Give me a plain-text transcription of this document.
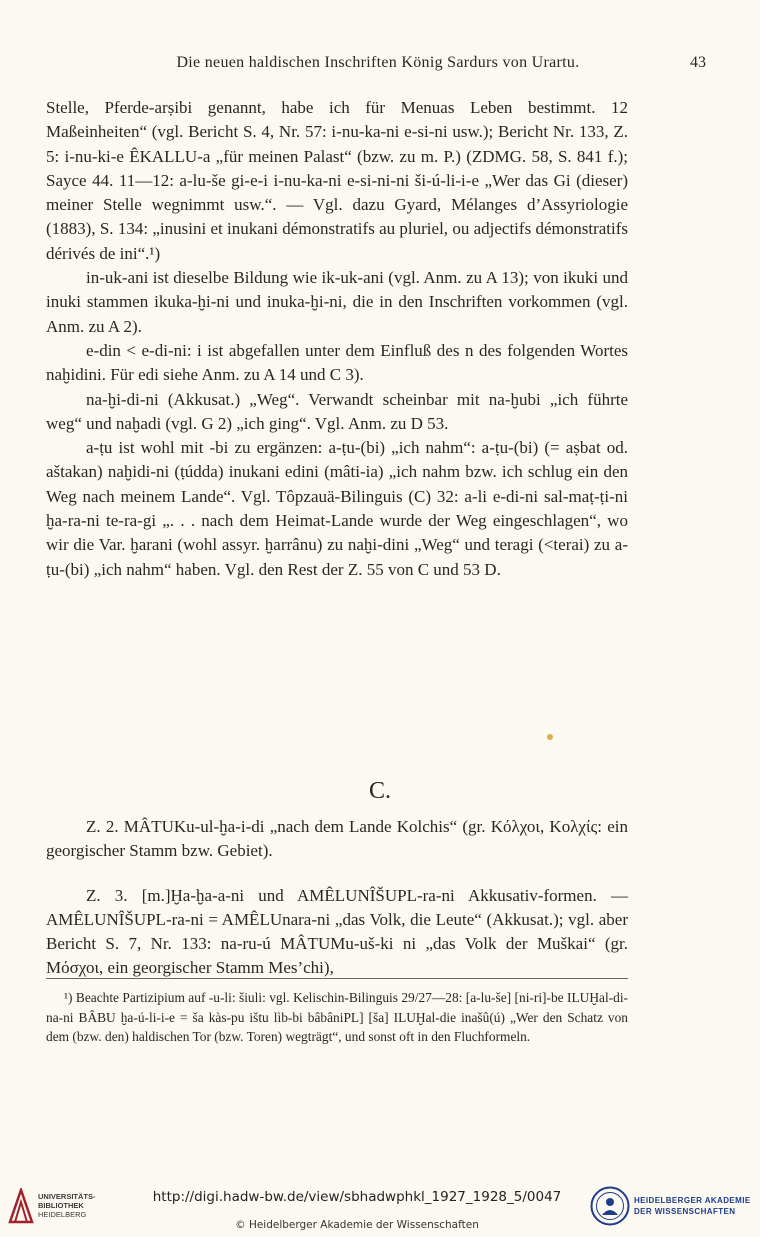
Die neuen haldischen Inschriften König Sardurs von Urartu.	43

Stelle, Pferde-arṣibi genannt, habe ich für Menuas Leben bestimmt. 12 Maßeinheiten“ (vgl. Bericht S. 4, Nr. 57: i-nu-ka-ni e-si-ni usw.); Bericht Nr. 133, Z. 5: i-nu-ki-e ÊKALLU-a „für meinen Palast“ (bzw. zu m. P.) (ZDMG. 58, S. 841 f.); Sayce 44. 11—12: a-lu-še gi-e-i i-nu-ka-ni e-si-ni-ni ši-ú-li-i-e „Wer das Gi (dieser) meiner Stelle wegnimmt usw.“. — Vgl. dazu Gyard, Mélanges d’Assyriologie (1883), S. 134: „inusini et inukani démonstratifs au pluriel, ou adjectifs démonstratifs dérivés de ini“.¹)

in-uk-ani ist dieselbe Bildung wie ik-uk-ani (vgl. Anm. zu A 13); von ikuki und inuki stammen ikuka-ḫi-ni und inuka-ḫi-ni, die in den Inschriften vorkommen (vgl. Anm. zu A 2).

e-din < e-di-ni: i ist abgefallen unter dem Einfluß des n des folgenden Wortes naḫidini. Für edi siehe Anm. zu A 14 und C 3).

na-ḫi-di-ni (Akkusat.) „Weg“. Verwandt scheinbar mit na-ḫubi „ich führte weg“ und naḫadi (vgl. G 2) „ich ging“. Vgl. Anm. zu D 53.

a-ṭu ist wohl mit -bi zu ergänzen: a-ṭu-(bi) „ich nahm“: a-ṭu-(bi) (= aṣbat od. aštakan) naḫidi-ni (ṭúdda) inukani edini (mâti-ia) „ich nahm bzw. ich schlug ein den Weg nach meinem Lande“. Vgl. Tôpzauä-Bilinguis (C) 32: a-li e-di-ni sal-maṭ-ṭi-ni ḫa-ra-ni te-ra-gi „. . . nach dem Heimat-Lande wurde der Weg eingeschlagen“, wo wir die Var. ḫarani (wohl assyr. ḫarrânu) zu naḫi-dini „Weg“ und teragi (<terai) zu a-ṭu-(bi) „ich nahm“ haben. Vgl. den Rest der Z. 55 von C und 53 D.

C.

Z. 2. MÂTUKu-ul-ḫa-i-di „nach dem Lande Kolchis“ (gr. Κόλχοι, Κολχίς: ein georgischer Stamm bzw. Gebiet).

Z. 3. [m.]Ḫa-ḫa-a-ni und AMÊLUNÎŠUPL-ra-ni Akkusativ-formen. — AMÊLUNÎŠUPL-ra-ni = AMÊLUnara-ni „das Volk, die Leute“ (Akkusat.); vgl. aber Bericht S. 7, Nr. 133: na-ru-ú MÂTUMu-uš-ki ni „das Volk der Muškai“ (gr. Μόσχοι, ein georgischer Stamm Mes’chi),

¹) Beachte Partizipium auf -u-li: šiuli: vgl. Kelischin-Bilinguis 29/27—28: [a-lu-še] [ni-ri]-be ILUḪal-di-na-ni BÂBU ḫa-ú-li-i-e = ša kàs-pu ištu lìb-bi bâbâniPL] [ša] ILUḪal-die inašû(ú) „Wer den Schatz von dem (bzw. den) haldischen Tor (bzw. Toren) wegträgt“, und sonst oft in den Fluchformeln.
UNIVERSITÄTS-
BIBLIOTHEK
HEIDELBERG
http://digi.hadw-bw.de/view/sbhadwphkl_1927_1928_5/0047
© Heidelberger Akademie der Wissenschaften
HEIDELBERGER AKADEMIE
DER WISSENSCHAFTEN
